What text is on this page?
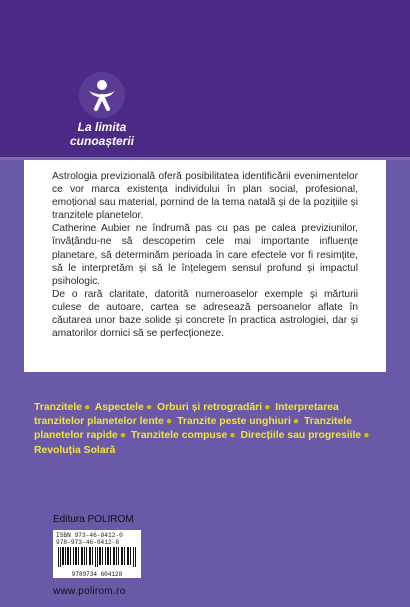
La limita
cunoașterii

Astrologia previzională oferă posibilitatea identificării evenimentelor ce vor marca existența individului în plan social, profesional, emoțional sau material, pornind de la tema natală și de la pozițiile și tranzitele planetelor.

Catherine Aubier ne îndrumă pas cu pas pe calea previziunilor, învățându-ne să descoperim cele mai importante influențe planetare, să determinăm perioada în care efectele vor fi resimțite, să le interpretăm și să le înțelegem sensul profund și impactul psihologic.

De o rară claritate, datorită numeroaselor exemple și mărturii culese de autoare, cartea se adresează persoanelor aflate în căutarea unor baze solide și concrete în practica astrologiei, dar și amatorilor dornici să se perfecționeze.

Tranzitele ● Aspectele ● Orburi și retrogradări ● Interpretarea tranzitelor planetelor lente ● Tranzite peste unghiuri ● Tranzitele planetelor rapide ● Tranzitele compuse ● Direcțiile sau progresiile ● Revoluția Solară
Editura POLIROM

ISBN 973-46-0412-0

978-973-46-0412-8

9789734 604128
www.polirom.ro
